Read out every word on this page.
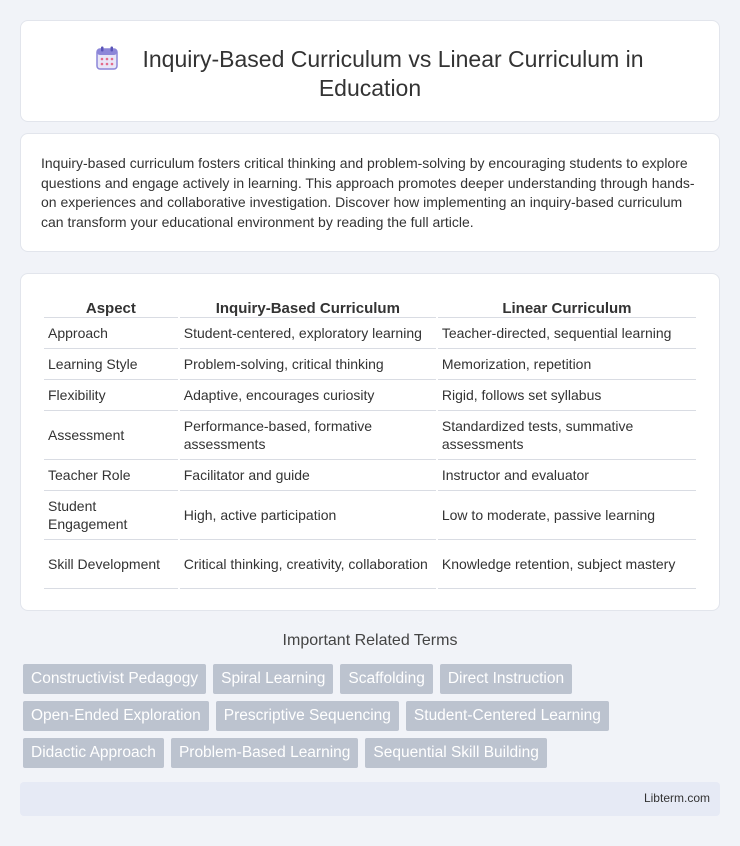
Inquiry-Based Curriculum vs Linear Curriculum in Education

Inquiry-based curriculum fosters critical thinking and problem-solving by encouraging students to explore questions and engage actively in learning. This approach promotes deeper understanding through hands-on experiences and collaborative investigation. Discover how implementing an inquiry-based curriculum can transform your educational environment by reading the full article.

Aspect	Inquiry-Based Curriculum	Linear Curriculum
Approach	Student-centered, exploratory learning	Teacher-directed, sequential learning
Learning Style	Problem-solving, critical thinking	Memorization, repetition
Flexibility	Adaptive, encourages curiosity	Rigid, follows set syllabus
Assessment	Performance-based, formative assessments	Standardized tests, summative assessments
Teacher Role	Facilitator and guide	Instructor and evaluator
Student Engagement	High, active participation	Low to moderate, passive learning
Skill Development	Critical thinking, creativity, collaboration	Knowledge retention, subject mastery
Important Related Terms
Constructivist Pedagogy	Spiral Learning	Scaffolding	Direct Instruction
Open-Ended Exploration	Prescriptive Sequencing	Student-Centered Learning
Didactic Approach	Problem-Based Learning	Sequential Skill Building
Libterm.com
